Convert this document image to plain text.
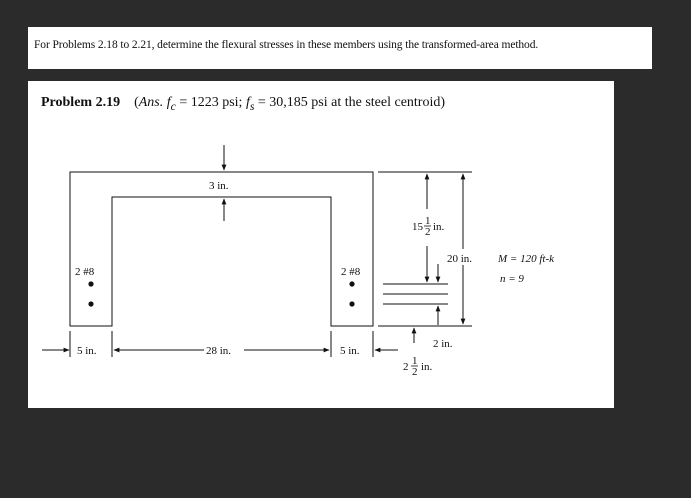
For Problems 2.18 to 2.21, determine the flexural stresses in these members using the transformed-area method.
Problem 2.19 (Ans. $f_c = 1223$ psi; $f_s = 30,185$ psi at the steel centroid)
3 in.
2 #8	2 #8
5 in.	28 in.	5 in.
20 in.
15 1
2 in.
2 in.
2 1
2 in.
M = 120 ft-k
n = 9
